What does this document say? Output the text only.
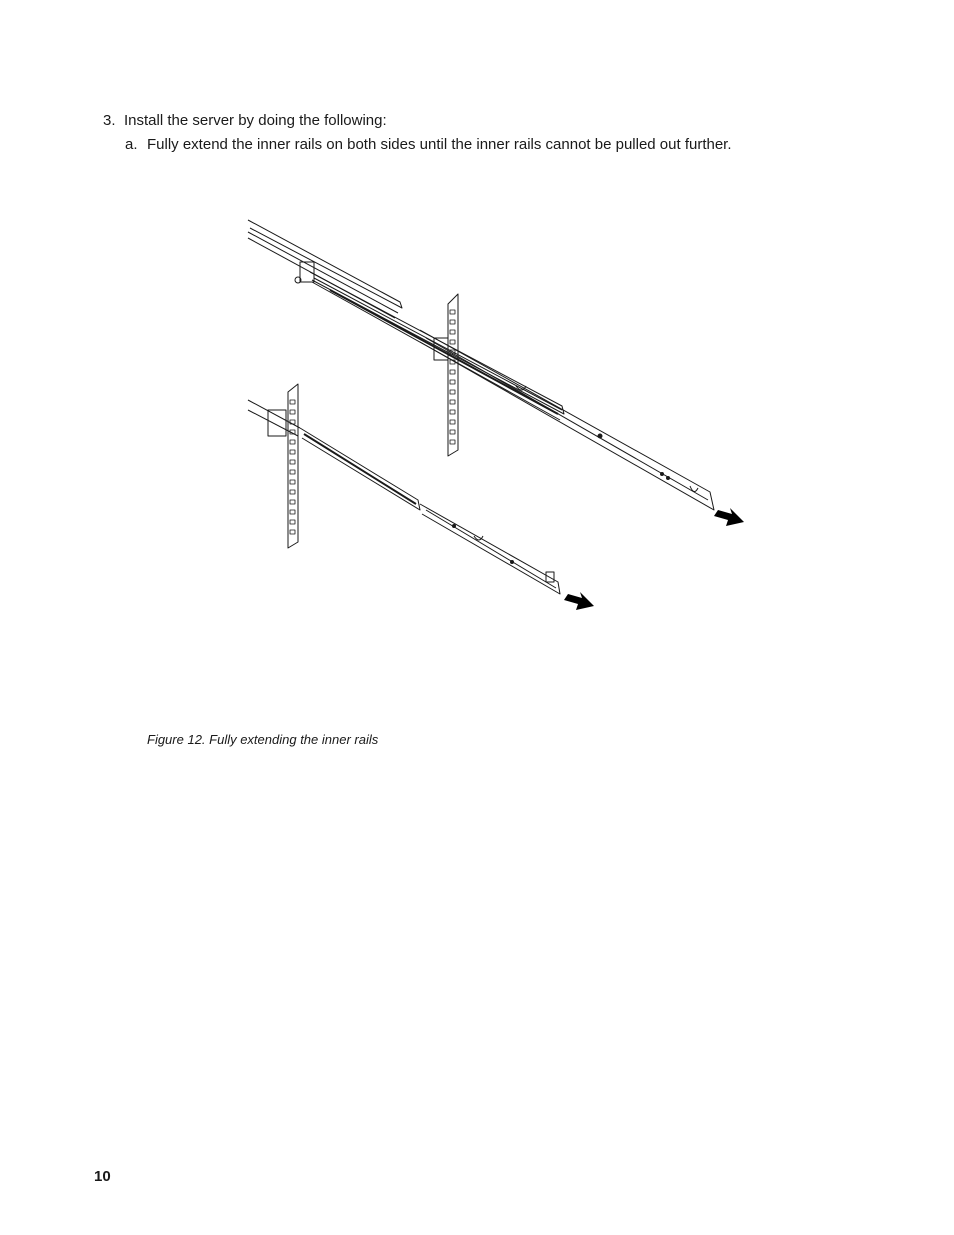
3. Install the server by doing the following:
a. Fully extend the inner rails on both sides until the inner rails cannot be pulled out further.
Figure 12. Fully extending the inner rails
10
